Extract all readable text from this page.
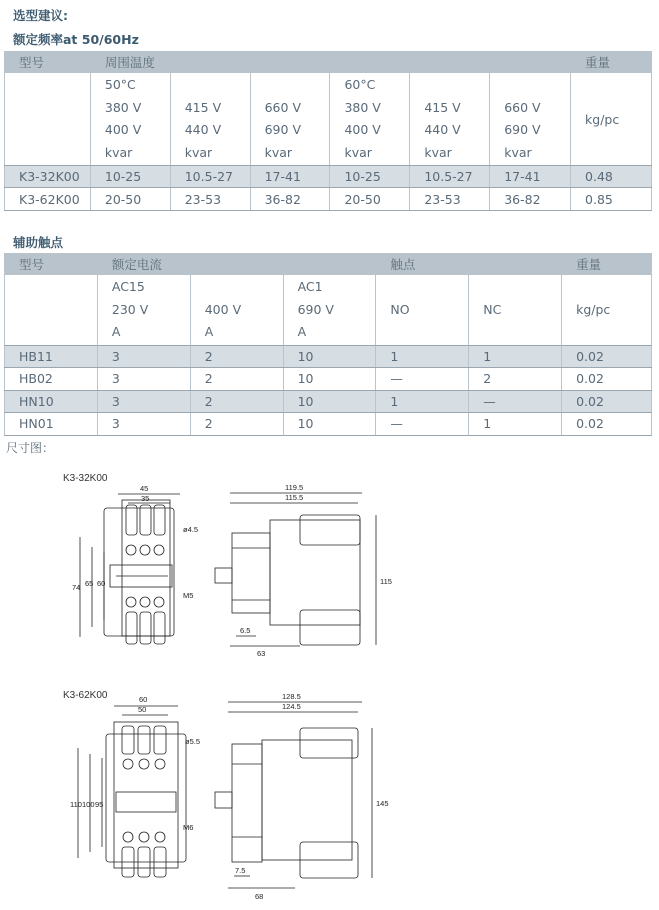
选型建议:
额定频率at 50/60Hz
型号	周围温度						重量
	50°C
380 V
400 V
kvar	415 V
440 V
kvar	660 V
690 V
kvar	60°C
380 V
400 V
kvar	415 V
440 V
kvar	660 V
690 V
kvar	kg/pc
K3-32K00	10-25	10.5-27	17-41	10-25	10.5-27	17-41	0.48
K3-62K00	20-50	23-53	36-82	20-50	23-53	36-82	0.85
辅助触点
型号	额定电流			触点		重量
	AC15
230 V
A	400 V
A	AC1
690 V
A	NO	NC	kg/pc
HB11	3	2	10	1	1	0.02
HB02	3	2	10	—	2	0.02
HN10	3	2	10	1	—	0.02
HN01	3	2	10	—	1	0.02
尺寸图：
K3-32K00
45
35
ø4.5
M5
74 65 60
119.5
115.5
115
6.5
63
K3-62K00	60
50
ø5.5
M6
110 100 95
128.5
124.5
145
7.5
68
